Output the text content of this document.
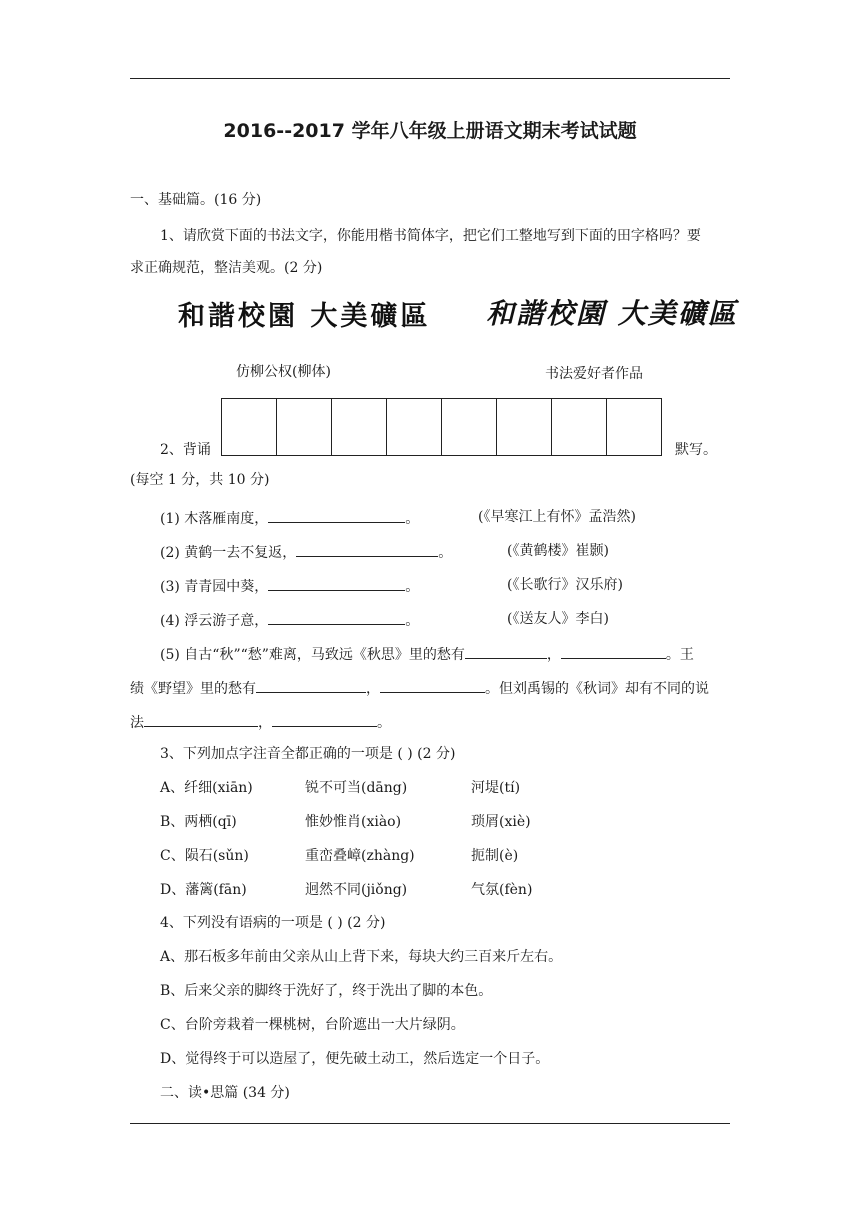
2016--2017 学年八年级上册语文期末考试试题
一、基础篇。(16 分)
1、请欣赏下面的书法文字，你能用楷书简体字，把它们工整地写到下面的田字格吗？要
求正确规范，整洁美观。(2 分)
和諧校園 大美礦區 和諧校園 大美礦區
仿柳公权(柳体)	书法爱好者作品
2、背诵	默写。
(每空 1 分，共 10 分)
(1) 木落雁南度，	。	(《早寒江上有怀》孟浩然)
(2) 黄鹤一去不复返，	。	(《黄鹤楼》崔颢)
(3) 青青园中葵，	。	(《长歌行》汉乐府)
(4) 浮云游子意，	。	(《送友人》李白)
(5) 自古“秋”“愁”难离，马致远《秋思》里的愁有	，	。王
绩《野望》里的愁有	，	。但刘禹锡的《秋词》却有不同的说
法	，	。
3、下列加点字注音全都正确的一项是 ( ) (2 分)
A、纤细(xiān)	锐不可当(dāng)	河堤(tí)
B、两栖(qī)	惟妙惟肖(xiào)	琐屑(xiè)
C、陨石(sǔn)	重峦叠嶂(zhàng)	扼制(è)
D、藩篱(fān)	迥然不同(jiǒng)	气氛(fèn)
4、下列没有语病的一项是 ( ) (2 分)
A、那石板多年前由父亲从山上背下来，每块大约三百来斤左右。
B、后来父亲的脚终于洗好了，终于洗出了脚的本色。
C、台阶旁栽着一棵桃树，台阶遮出一大片绿阴。
D、觉得终于可以造屋了，便先破土动工，然后选定一个日子。
二、读•思篇 (34 分)
